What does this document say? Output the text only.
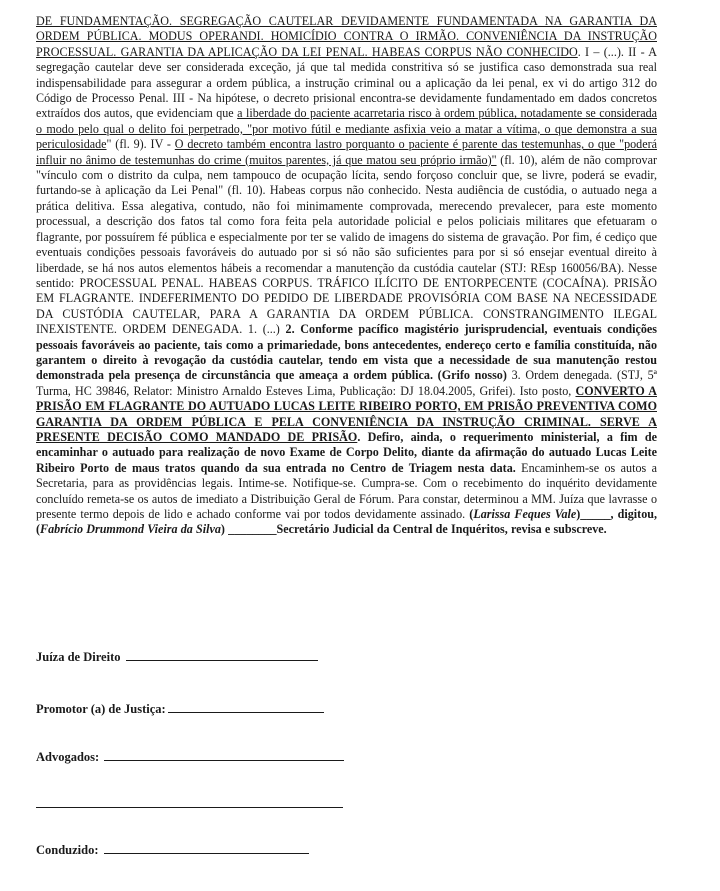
DE FUNDAMENTAÇÃO. SEGREGAÇÃO CAUTELAR DEVIDAMENTE FUNDAMENTADA NA GARANTIA DA ORDEM PÚBLICA. MODUS OPERANDI. HOMICÍDIO CONTRA O IRMÃO. CONVENIÊNCIA DA INSTRUÇÃO PROCESSUAL. GARANTIA DA APLICAÇÃO DA LEI PENAL. HABEAS CORPUS NÃO CONHECIDO. I – (...). II - A segregação cautelar deve ser considerada exceção, já que tal medida constritiva só se justifica caso demonstrada sua real indispensabilidade para assegurar a ordem pública, a instrução criminal ou a aplicação da lei penal, ex vi do artigo 312 do Código de Processo Penal. III - Na hipótese, o decreto prisional encontra-se devidamente fundamentado em dados concretos extraídos dos autos, que evidenciam que a liberdade do paciente acarretaria risco à ordem pública, notadamente se considerada o modo pelo qual o delito foi perpetrado, "por motivo fútil e mediante asfixia veio a matar a vítima, o que demonstra a sua periculosidade" (fl. 9). IV - O decreto também encontra lastro porquanto o paciente é parente das testemunhas, o que "poderá influir no ânimo de testemunhas do crime (muitos parentes, já que matou seu próprio irmão)" (fl. 10), além de não comprovar "vínculo com o distrito da culpa, nem tampouco de ocupação lícita, sendo forçoso concluir que, se livre, poderá se evadir, furtando-se à aplicação da Lei Penal" (fl. 10). Habeas corpus não conhecido. Nesta audiência de custódia, o autuado nega a prática delitiva. Essa alegativa, contudo, não foi minimamente comprovada, merecendo prevalecer, para este momento processual, a descrição dos fatos tal como fora feita pela autoridade policial e pelos policiais militares que efetuaram o flagrante, por possuírem fé pública e especialmente por ter se valido de imagens do sistema de gravação. Por fim, é cediço que eventuais condições pessoais favoráveis do autuado por si só não são suficientes para por si só ensejar eventual direito à liberdade, se há nos autos elementos hábeis a recomendar a manutenção da custódia cautelar (STJ: REsp 160056/BA). Nesse sentido: PROCESSUAL PENAL. HABEAS CORPUS. TRÁFICO ILÍCITO DE ENTORPECENTE (COCAÍNA). PRISÃO EM FLAGRANTE. INDEFERIMENTO DO PEDIDO DE LIBERDADE PROVISÓRIA COM BASE NA NECESSIDADE DA CUSTÓDIA CAUTELAR, PARA A GARANTIA DA ORDEM PÚBLICA. CONSTRANGIMENTO ILEGAL INEXISTENTE. ORDEM DENEGADA. 1. (...) 2. Conforme pacífico magistério jurisprudencial, eventuais condições pessoais favoráveis ao paciente, tais como a primariedade, bons antecedentes, endereço certo e família constituída, não garantem o direito à revogação da custódia cautelar, tendo em vista que a necessidade de sua manutenção restou demonstrada pela presença de circunstância que ameaça a ordem pública. (Grifo nosso) 3. Ordem denegada. (STJ, 5ª Turma, HC 39846, Relator: Ministro Arnaldo Esteves Lima, Publicação: DJ 18.04.2005, Grifei). Isto posto, CONVERTO A PRISÃO EM FLAGRANTE DO AUTUADO LUCAS LEITE RIBEIRO PORTO, EM PRISÃO PREVENTIVA COMO GARANTIA DA ORDEM PÚBLICA E PELA CONVENIÊNCIA DA INSTRUÇÃO CRIMINAL. SERVE A PRESENTE DECISÃO COMO MANDADO DE PRISÃO. Defiro, ainda, o requerimento ministerial, a fim de encaminhar o autuado para realização de novo Exame de Corpo Delito, diante da afirmação do autuado Lucas Leite Ribeiro Porto de maus tratos quando da sua entrada no Centro de Triagem nesta data. Encaminhem-se os autos a Secretaria, para as providências legais. Intime-se. Notifique-se. Cumpra-se. Com o recebimento do inquérito devidamente concluído remeta-se os autos de imediato a Distribuição Geral de Fórum. Para constar, determinou a MM. Juíza que lavrasse o presente termo depois de lido e achado conforme vai por todos devidamente assinado. (Larissa Feques Vale)_____, digitou, (Fabrício Drummond Vieira da Silva) ________Secretário Judicial da Central de Inquéritos, revisa e subscreve.

Juíza de Direito
Promotor (a) de Justiça:
Advogados:
Conduzido:
